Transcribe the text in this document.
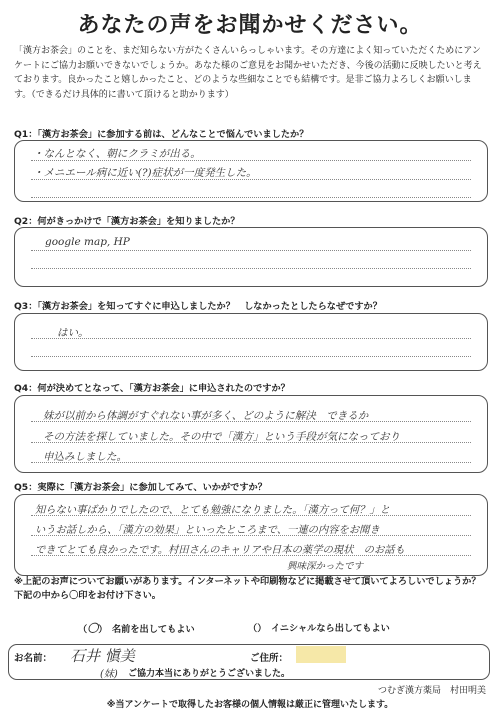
あなたの声をお聞かせください。
「漢方お茶会」のことを、まだ知らない方がたくさんいらっしゃいます。その方達によく知っていただくためにアンケートにご協力お願いできないでしょうか。あなた様のご意見をお聞かせいただき、今後の活動に反映したいと考えております。良かったこと嬉しかったこと、どのような些細なことでも結構です。是非ご協力よろしくお願いします。（できるだけ具体的に書いて頂けると助かります）
Q1：「漢方お茶会」に参加する前は、どんなことで悩んでいましたか？
・なんとなく、朝にクラミが出る。
・メニエール病に近い(?)症状が一度発生した。
Q2：何がきっかけで「漢方お茶会」を知りましたか？
google map, HP
Q3：「漢方お茶会」を知ってすぐに申込しましたか？　しなかったとしたらなぜですか？
はい。
Q4：何が決めてとなって、「漢方お茶会」に申込されたのですか？
妹が以前から体調がすぐれない事が多く、どのように解決　できるか
その方法を探していました。その中で「漢方」という手段が気になっており
申込みしました。
Q5：実際に「漢方お茶会」に参加してみて、いかがですか？
知らない事ばかりでしたので、とても勉強になりました。「漢方って何？」と
いうお話しから、「漢方の効果」といったところまで、一連の内容をお聞き
できてとても良かったです。村田さんのキャリアや日本の薬学の現状　のお話も
興味深かったです
※上記のお声についてお願いがあります。インターネットや印刷物などに掲載させて頂いてよろしいでしょうか？下記の中から〇印をお付け下さい。
（〇）　名前を出してもよい	（）　イニシャルなら出してもよい
お名前： 石井 愼美	ご住所：
(妹) ご協力本当にありがとうございました。
つむぎ漢方薬局　村田明美
※当アンケートで取得したお客様の個人情報は厳正に管理いたします。
